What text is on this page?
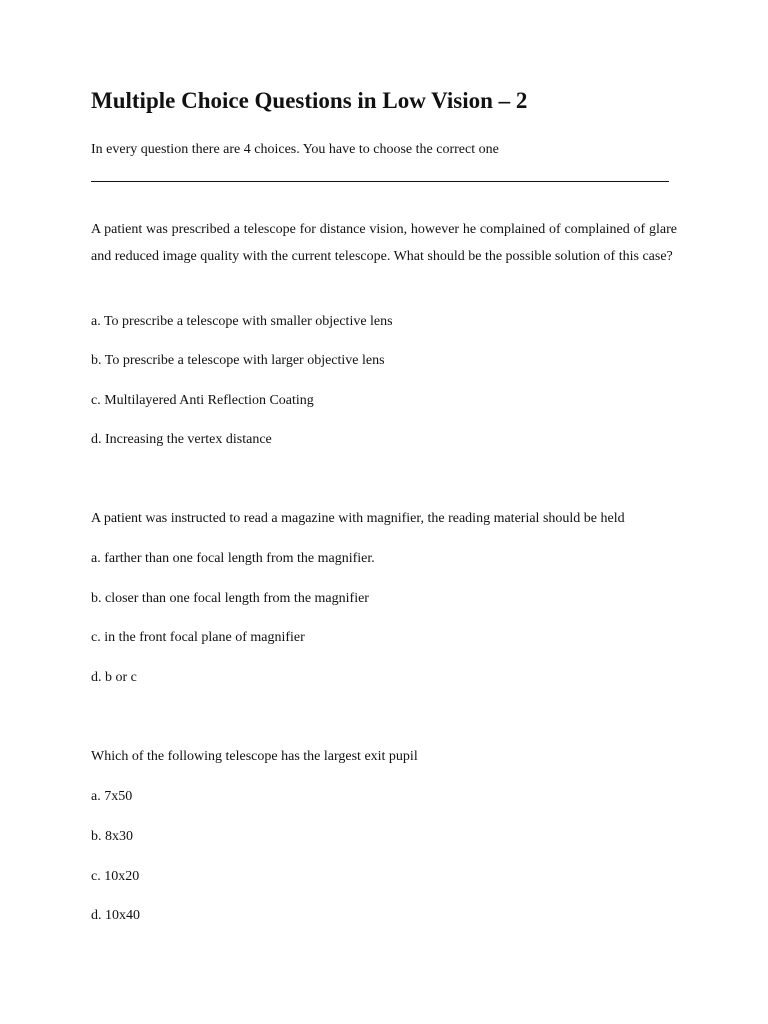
Multiple Choice Questions in Low Vision – 2

In every question there are 4 choices. You have to choose the correct one

A patient was prescribed a telescope for distance vision, however he complained of complained of glare and reduced image quality with the current telescope. What should be the possible solution of this case?

a. To prescribe a telescope with smaller objective lens

b. To prescribe a telescope with larger objective lens

c. Multilayered Anti Reflection Coating

d. Increasing the vertex distance

A patient was instructed to read a magazine with magnifier, the reading material should be held

a. farther than one focal length from the magnifier.

b. closer than one focal length from the magnifier

c. in the front focal plane of magnifier

d. b or c

Which of the following telescope has the largest exit pupil

a. 7x50

b. 8x30

c. 10x20

d. 10x40
